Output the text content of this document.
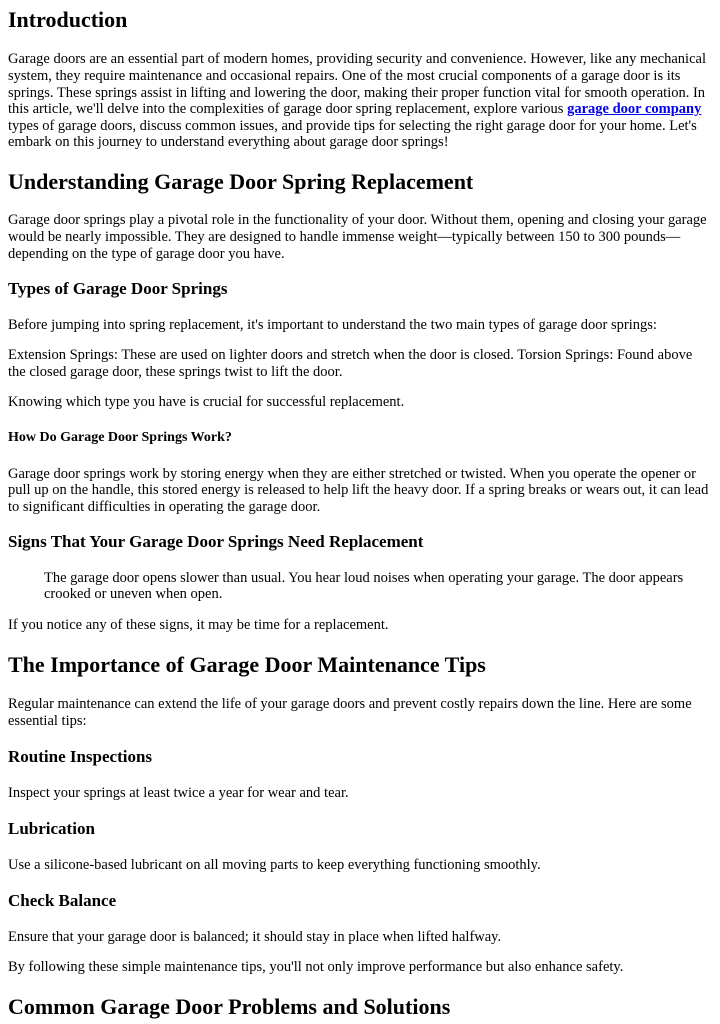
Introduction

Garage doors are an essential part of modern homes, providing security and convenience. However, like any mechanical system, they require maintenance and occasional repairs. One of the most crucial components of a garage door is its springs. These springs assist in lifting and lowering the door, making their proper function vital for smooth operation. In this article, we'll delve into the complexities of garage door spring replacement, explore various garage door company types of garage doors, discuss common issues, and provide tips for selecting the right garage door for your home. Let's embark on this journey to understand everything about garage door springs!

Understanding Garage Door Spring Replacement

Garage door springs play a pivotal role in the functionality of your door. Without them, opening and closing your garage would be nearly impossible. They are designed to handle immense weight—typically between 150 to 300 pounds—depending on the type of garage door you have.

Types of Garage Door Springs

Before jumping into spring replacement, it's important to understand the two main types of garage door springs:

Extension Springs: These are used on lighter doors and stretch when the door is closed. Torsion Springs: Found above the closed garage door, these springs twist to lift the door.

Knowing which type you have is crucial for successful replacement.

How Do Garage Door Springs Work?

Garage door springs work by storing energy when they are either stretched or twisted. When you operate the opener or pull up on the handle, this stored energy is released to help lift the heavy door. If a spring breaks or wears out, it can lead to significant difficulties in operating the garage door.

Signs That Your Garage Door Springs Need Replacement

The garage door opens slower than usual. You hear loud noises when operating your garage. The door appears crooked or uneven when open.

If you notice any of these signs, it may be time for a replacement.

The Importance of Garage Door Maintenance Tips

Regular maintenance can extend the life of your garage doors and prevent costly repairs down the line. Here are some essential tips:

Routine Inspections

Inspect your springs at least twice a year for wear and tear.

Lubrication

Use a silicone-based lubricant on all moving parts to keep everything functioning smoothly.

Check Balance

Ensure that your garage door is balanced; it should stay in place when lifted halfway.

By following these simple maintenance tips, you'll not only improve performance but also enhance safety.

Common Garage Door Problems and Solutions
